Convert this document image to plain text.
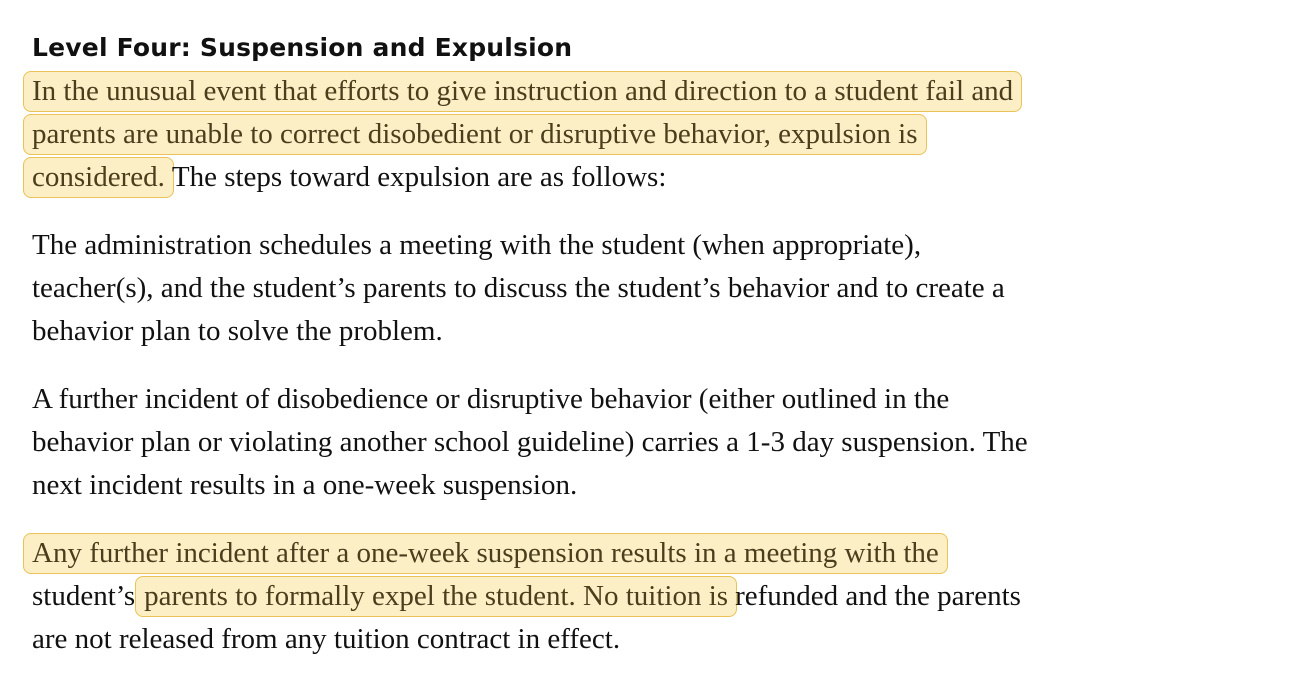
Level Four: Suspension and Expulsion

In the unusual event that efforts to give instruction and direction to a student fail and
parents are unable to correct disobedient or disruptive behavior, expulsion is
considered. The steps toward expulsion are as follows:

The administration schedules a meeting with the student (when appropriate),
teacher(s), and the student’s parents to discuss the student’s behavior and to create a
behavior plan to solve the problem.

A further incident of disobedience or disruptive behavior (either outlined in the
behavior plan or violating another school guideline) carries a 1-3 day suspension. The
next incident results in a one-week suspension.

Any further incident after a one-week suspension results in a meeting with the
student’s parents to formally expel the student. No tuition is refunded and the parents
are not released from any tuition contract in effect.
